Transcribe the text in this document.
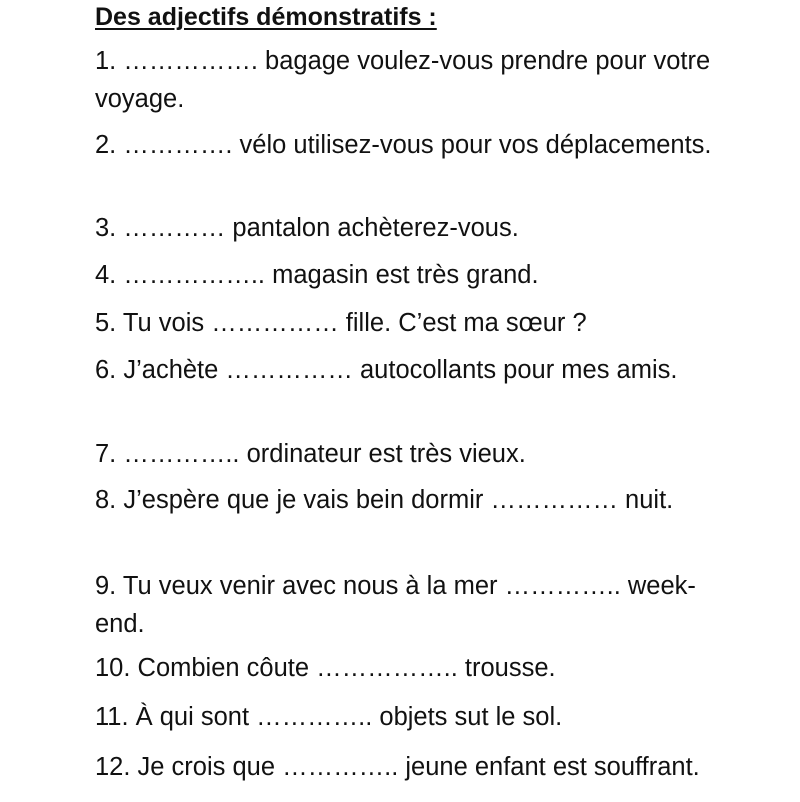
Des adjectifs démonstratifs :
1. ……………. bagage voulez-vous prendre pour votre voyage.
2. …………. vélo utilisez-vous pour vos déplacements.
3. ………… pantalon achèterez-vous.
4. …………….. magasin est très grand.
5. Tu vois …………… fille. C’est ma sœur ?
6. J’achète …………… autocollants pour mes amis.
7. ………….. ordinateur est très vieux.
8. J’espère que je vais bein dormir …………… nuit.
9. Tu veux venir avec nous à la mer ………….. week-end.
10. Combien côute …………….. trousse.
11. À qui sont ………….. objets sut le sol.
12. Je crois que ………….. jeune enfant est souffrant.
